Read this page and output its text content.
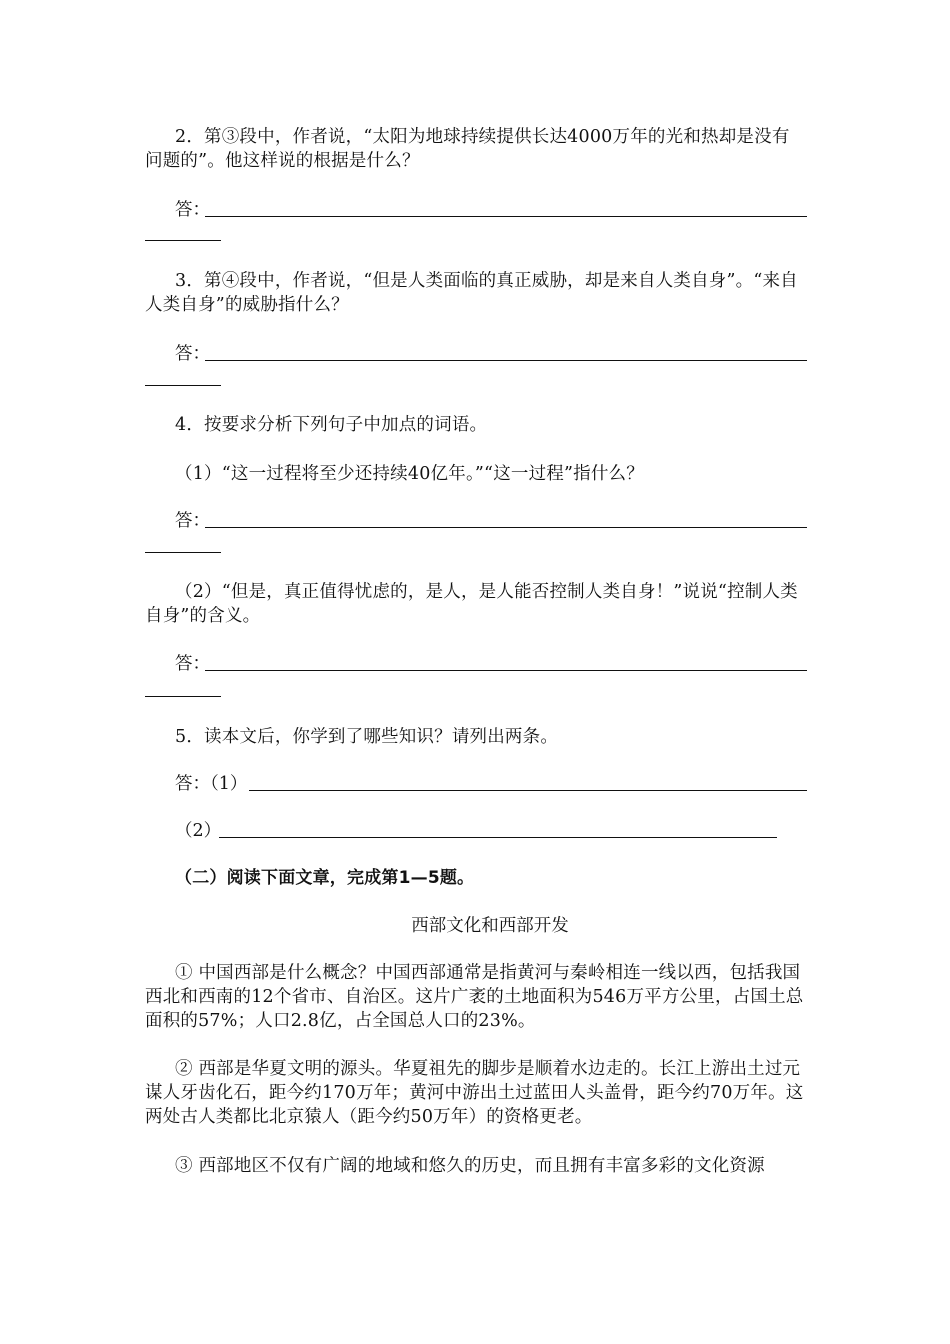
2．第③段中，作者说，“太阳为地球持续提供长达4000万年的光和热却是没有问题的”。他这样说的根据是什么？
答：
3．第④段中，作者说，“但是人类面临的真正威胁，却是来自人类自身”。“来自人类自身”的威胁指什么？
答：
4．按要求分析下列句子中加点的词语。
（1）“这一过程将至少还持续40亿年。”“这一过程”指什么？
答：
（2）“但是，真正值得忧虑的，是人，是人能否控制人类自身！”说说“控制人类自身”的含义。
答：
5．读本文后，你学到了哪些知识？请列出两条。
答：（1）
（2）
（二）阅读下面文章，完成第1—5题。
西部文化和西部开发
① 中国西部是什么概念？中国西部通常是指黄河与秦岭相连一线以西，包括我国西北和西南的12个省市、自治区。这片广袤的土地面积为546万平方公里，占国土总面积的57%；人口2.8亿，占全国总人口的23%。
② 西部是华夏文明的源头。华夏祖先的脚步是顺着水边走的。长江上游出土过元谋人牙齿化石，距今约170万年；黄河中游出土过蓝田人头盖骨，距今约70万年。这两处古人类都比北京猿人（距今约50万年）的资格更老。
③ 西部地区不仅有广阔的地域和悠久的历史，而且拥有丰富多彩的文化资源
